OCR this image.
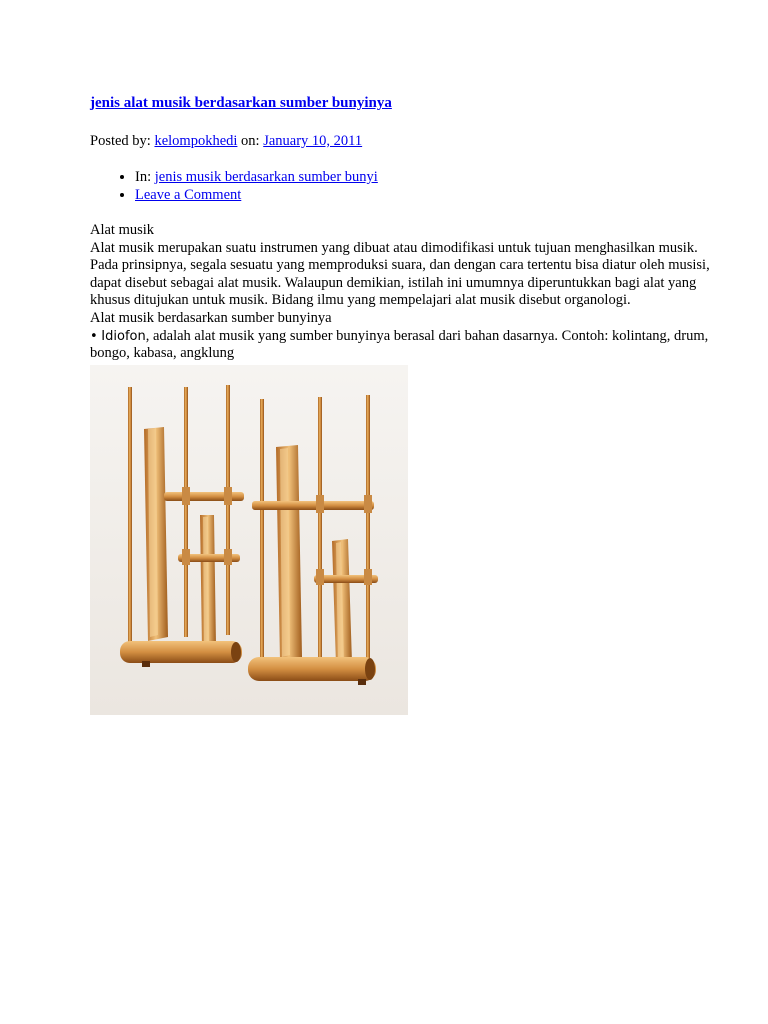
jenis alat musik berdasarkan sumber bunyinya
Posted by: kelompokhedi on: January 10, 2011
• In: jenis musik berdasarkan sumber bunyi
• Leave a Comment

Alat musik

Alat musik merupakan suatu instrumen yang dibuat atau dimodifikasi untuk tujuan menghasilkan musik. Pada prinsipnya, segala sesuatu yang memproduksi suara, dan dengan cara tertentu bisa diatur oleh musisi, dapat disebut sebagai alat musik. Walaupun demikian, istilah ini umumnya diperuntukkan bagi alat yang khusus ditujukan untuk musik. Bidang ilmu yang mempelajari alat musik disebut organologi.

Alat musik berdasarkan sumber bunyinya

• Idiofon, adalah alat musik yang sumber bunyinya berasal dari bahan dasarnya. Contoh: kolintang, drum, bongo, kabasa, angklung
